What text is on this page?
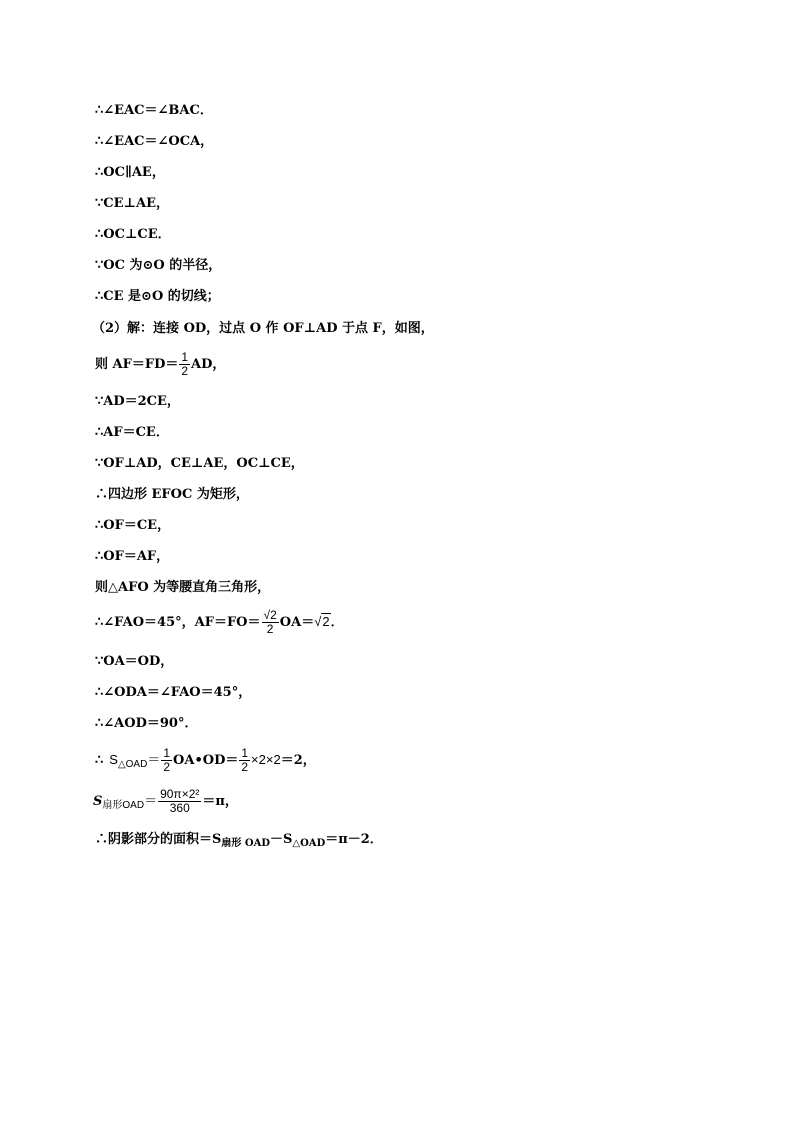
∴∠EAC＝∠BAC．
∴∠EAC＝∠OCA，
∴OC∥AE，
∵CE⊥AE，
∴OC⊥CE．
∵OC 为⊙O 的半径，
∴CE 是⊙O 的切线；
（2）解：连接 OD，过点 O 作 OF⊥AD 于点 F，如图，
则 $AF=FD= \frac{1}{2}$ AD，
∵AD＝2CE，
∴AF＝CE．
∵OF⊥AD，CE⊥AE，OC⊥CE，
∴四边形 EFOC 为矩形，
∴OF＝CE，
∴OF＝AF，
则△AFO 为等腰直角三角形，
∴∠FAO＝45°，$AF=FO= \frac{√2}{2} OA=√2$．
∵OA＝OD，
∴∠ODA＝∠FAO＝45°，
∴∠AOD＝90°．
∴ $S_{\triangle OAD}= \frac{1}{2}$ OA•OD＝ $\frac{1}{2} \times 2\times 2=2$，
$S_{扇形OAD}= \frac{\text{90π×2²}}{360} =\pi$，
∴阴影部分的面积$=S_{扇形 OAD}-S_{\triangle OAD}=\pi-2$．
